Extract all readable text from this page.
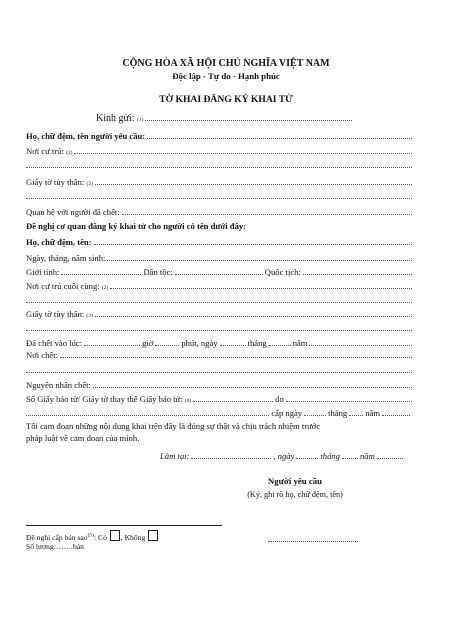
CỘNG HÒA XÃ HỘI CHỦ NGHĨA VIỆT NAM
Độc lập - Tự do - Hạnh phúc
TỜ KHAI ĐĂNG KÝ KHAI TỬ
Kính gửi:
(1)
Họ, chữ đệm, tên người yêu cầu:
Nơi cư trú:
(2)
Giấy tờ tùy thân:
(3)
Quan hệ với người đã chết:
Đề nghị cơ quan đăng ký khai tử cho người có tên dưới đây:
Họ, chữ đệm, tên:
Ngày, tháng, năm sinh:
Giới tính:	Dân tộc:	Quốc tịch:
Nơi cư trú cuối cùng:
(2)
Giấy tờ tùy thân:
(3)
Đã chết vào lúc:	giờ	phút, ngày	tháng	năm
Nơi chết:
Nguyên nhân chết:
Số Giấy báo tử/ Giấy tờ thay thế Giấy báo tử:
(4)	do
cấp ngày	tháng năm
Tôi cam đoan những nội dung khai trên đây là đúng sự thật và chịu trách nhiệm trước
pháp luật về cam đoan của mình.
Làm tại:	, ngày	tháng năm
Người yêu cầu
(Ký, ghi rõ họ, chữ đệm, tên)
Đề nghị cấp bản sao$^{(5)}$: Có , Không
Số lượng:…….bản
